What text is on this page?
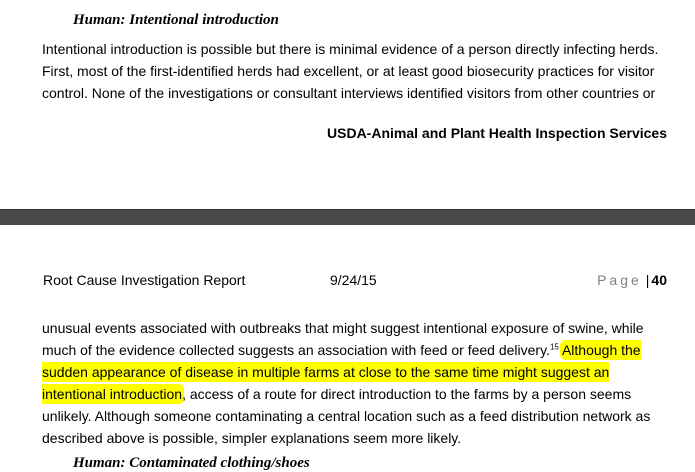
Human: Intentional introduction

Intentional introduction is possible but there is minimal evidence of a person directly infecting herds. First, most of the first-identified herds had excellent, or at least good biosecurity practices for visitor control. None of the investigations or consultant interviews identified visitors from other countries or

USDA-Animal and Plant Health Inspection Services
Root Cause Investigation Report	9/24/15	Page | 40

unusual events associated with outbreaks that might suggest intentional exposure of swine, while much of the evidence collected suggests an association with feed or feed delivery.$^{15}$ Although the sudden appearance of disease in multiple farms at close to the same time might suggest an intentional introduction, access of a route for direct introduction to the farms by a person seems unlikely. Although someone contaminating a central location such as a feed distribution network as described above is possible, simpler explanations seem more likely.

Human: Contaminated clothing/shoes
